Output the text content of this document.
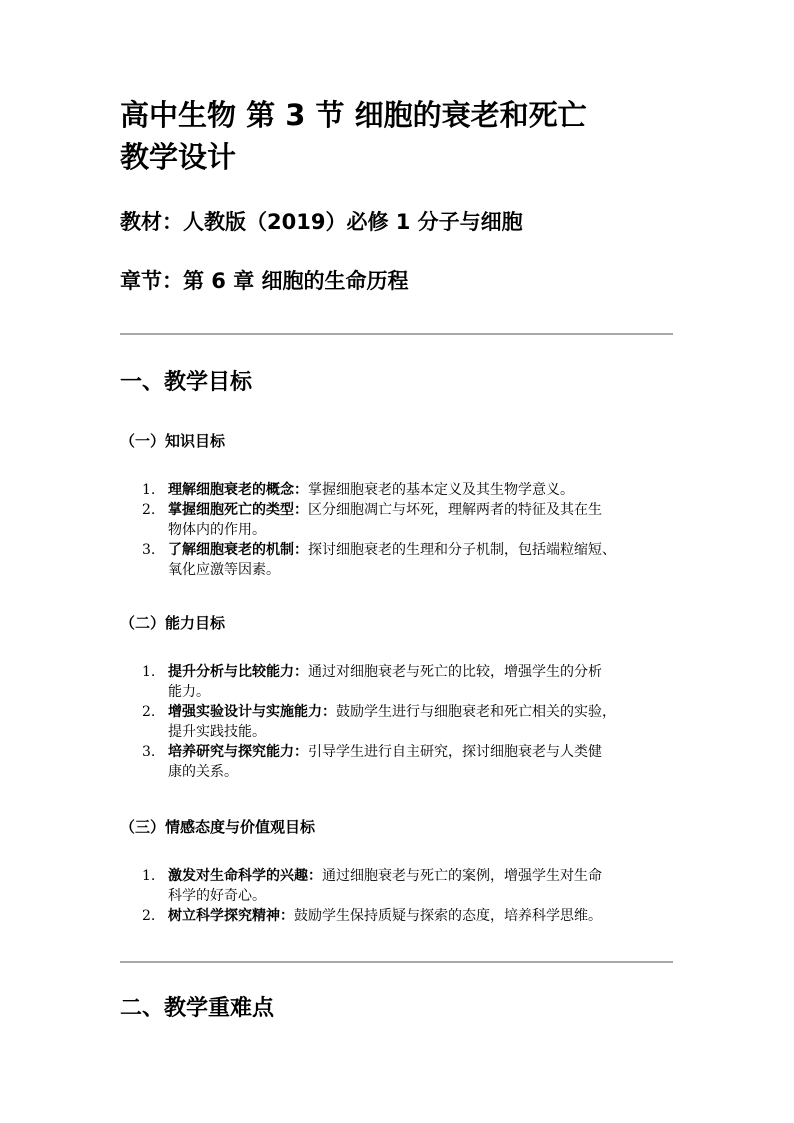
高中生物 第 3 节 细胞的衰老和死亡
教学设计
教材：人教版（2019）必修 1 分子与细胞
章节：第 6 章 细胞的生命历程
一、教学目标
（一）知识目标
1. 理解细胞衰老的概念：掌握细胞衰老的基本定义及其生物学意义。
2. 掌握细胞死亡的类型：区分细胞凋亡与坏死，理解两者的特征及其在生
物体内的作用。
3. 了解细胞衰老的机制：探讨细胞衰老的生理和分子机制，包括端粒缩短、
氧化应激等因素。
（二）能力目标
1. 提升分析与比较能力：通过对细胞衰老与死亡的比较，增强学生的分析
能力。
2. 增强实验设计与实施能力：鼓励学生进行与细胞衰老和死亡相关的实验，
提升实践技能。
3. 培养研究与探究能力：引导学生进行自主研究，探讨细胞衰老与人类健
康的关系。
（三）情感态度与价值观目标
1. 激发对生命科学的兴趣：通过细胞衰老与死亡的案例，增强学生对生命
科学的好奇心。
2. 树立科学探究精神：鼓励学生保持质疑与探索的态度，培养科学思维。
二、教学重难点
